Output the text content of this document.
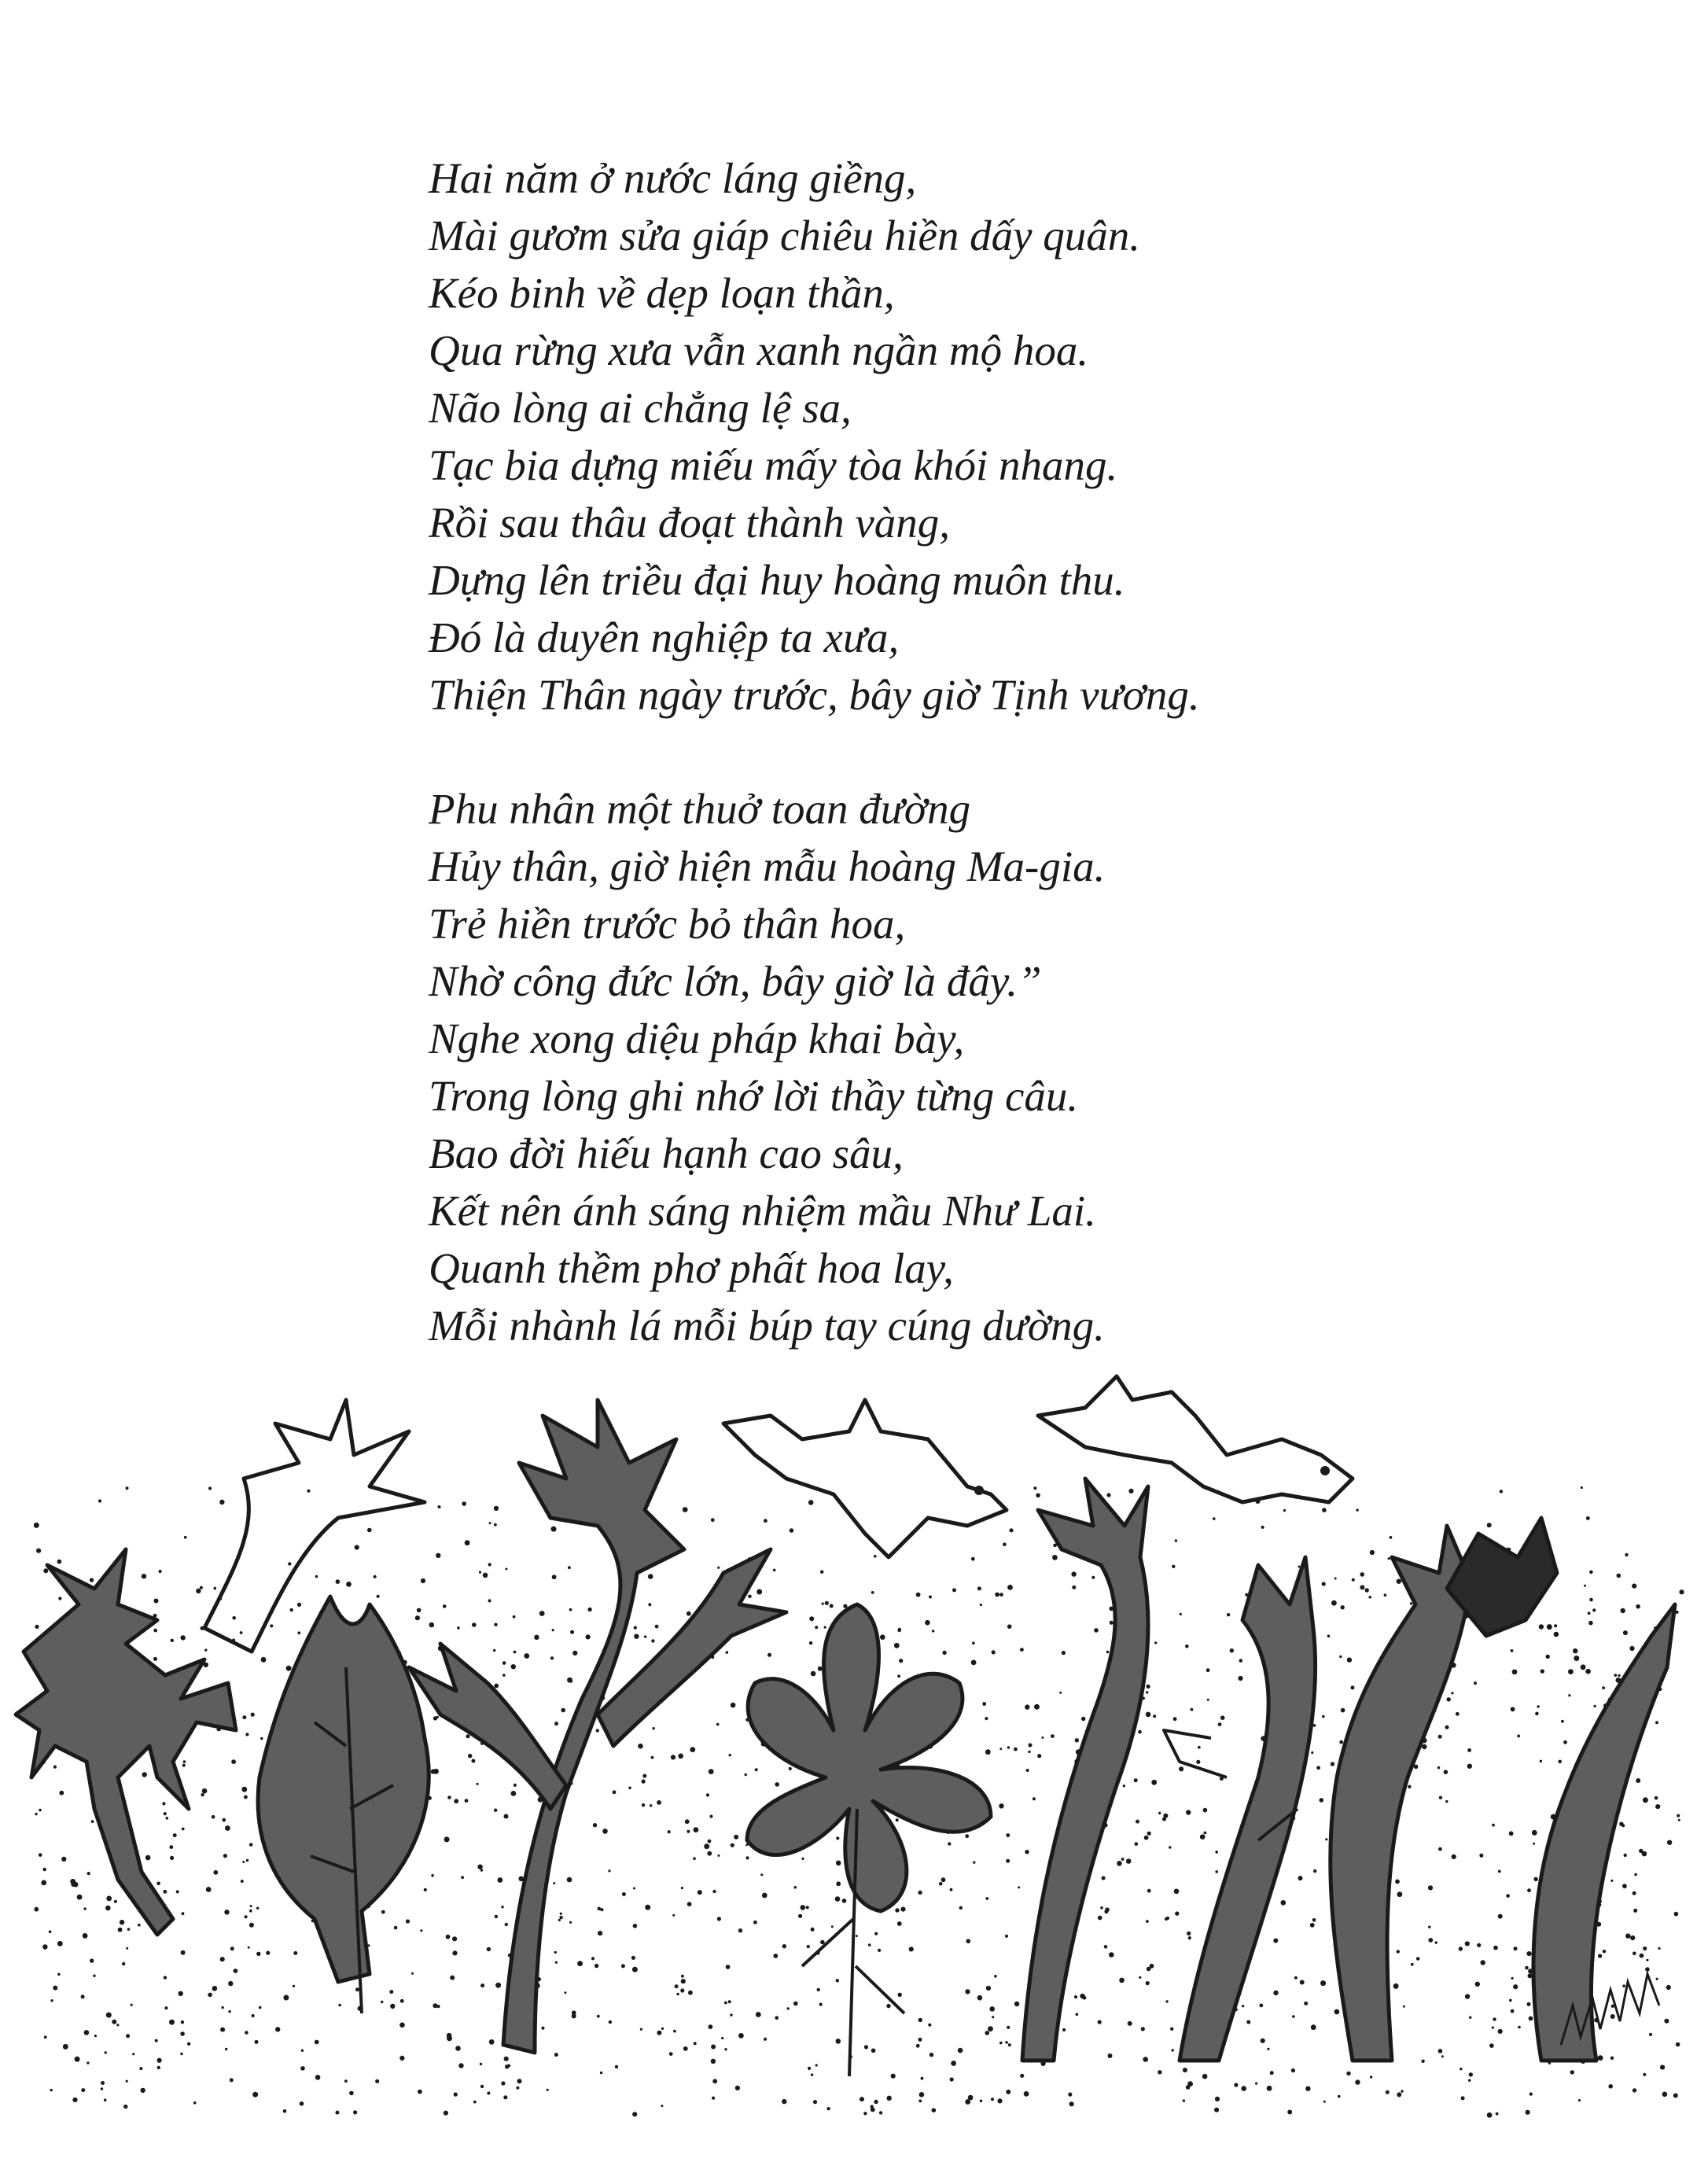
Hai năm ở nước láng giềng,
Mài gươm sửa giáp chiêu hiền dấy quân.
Kéo binh về dẹp loạn thần,
Qua rừng xưa vẫn xanh ngần mộ hoa.
Não lòng ai chẳng lệ sa,
Tạc bia dựng miếu mấy tòa khói nhang.
Rồi sau thâu đoạt thành vàng,
Dựng lên triều đại huy hoàng muôn thu.
Đó là duyên nghiệp ta xưa,
Thiện Thân ngày trước, bây giờ Tịnh vương.
Phu nhân một thuở toan đường
Hủy thân, giờ hiện mẫu hoàng Ma-gia.
Trẻ hiền trước bỏ thân hoa,
Nhờ công đức lớn, bây giờ là đây.”
Nghe xong diệu pháp khai bày,
Trong lòng ghi nhớ lời thầy từng câu.
Bao đời hiếu hạnh cao sâu,
Kết nên ánh sáng nhiệm mầu Như Lai.
Quanh thềm phơ phất hoa lay,
Mỗi nhành lá mỗi búp tay cúng dường.
